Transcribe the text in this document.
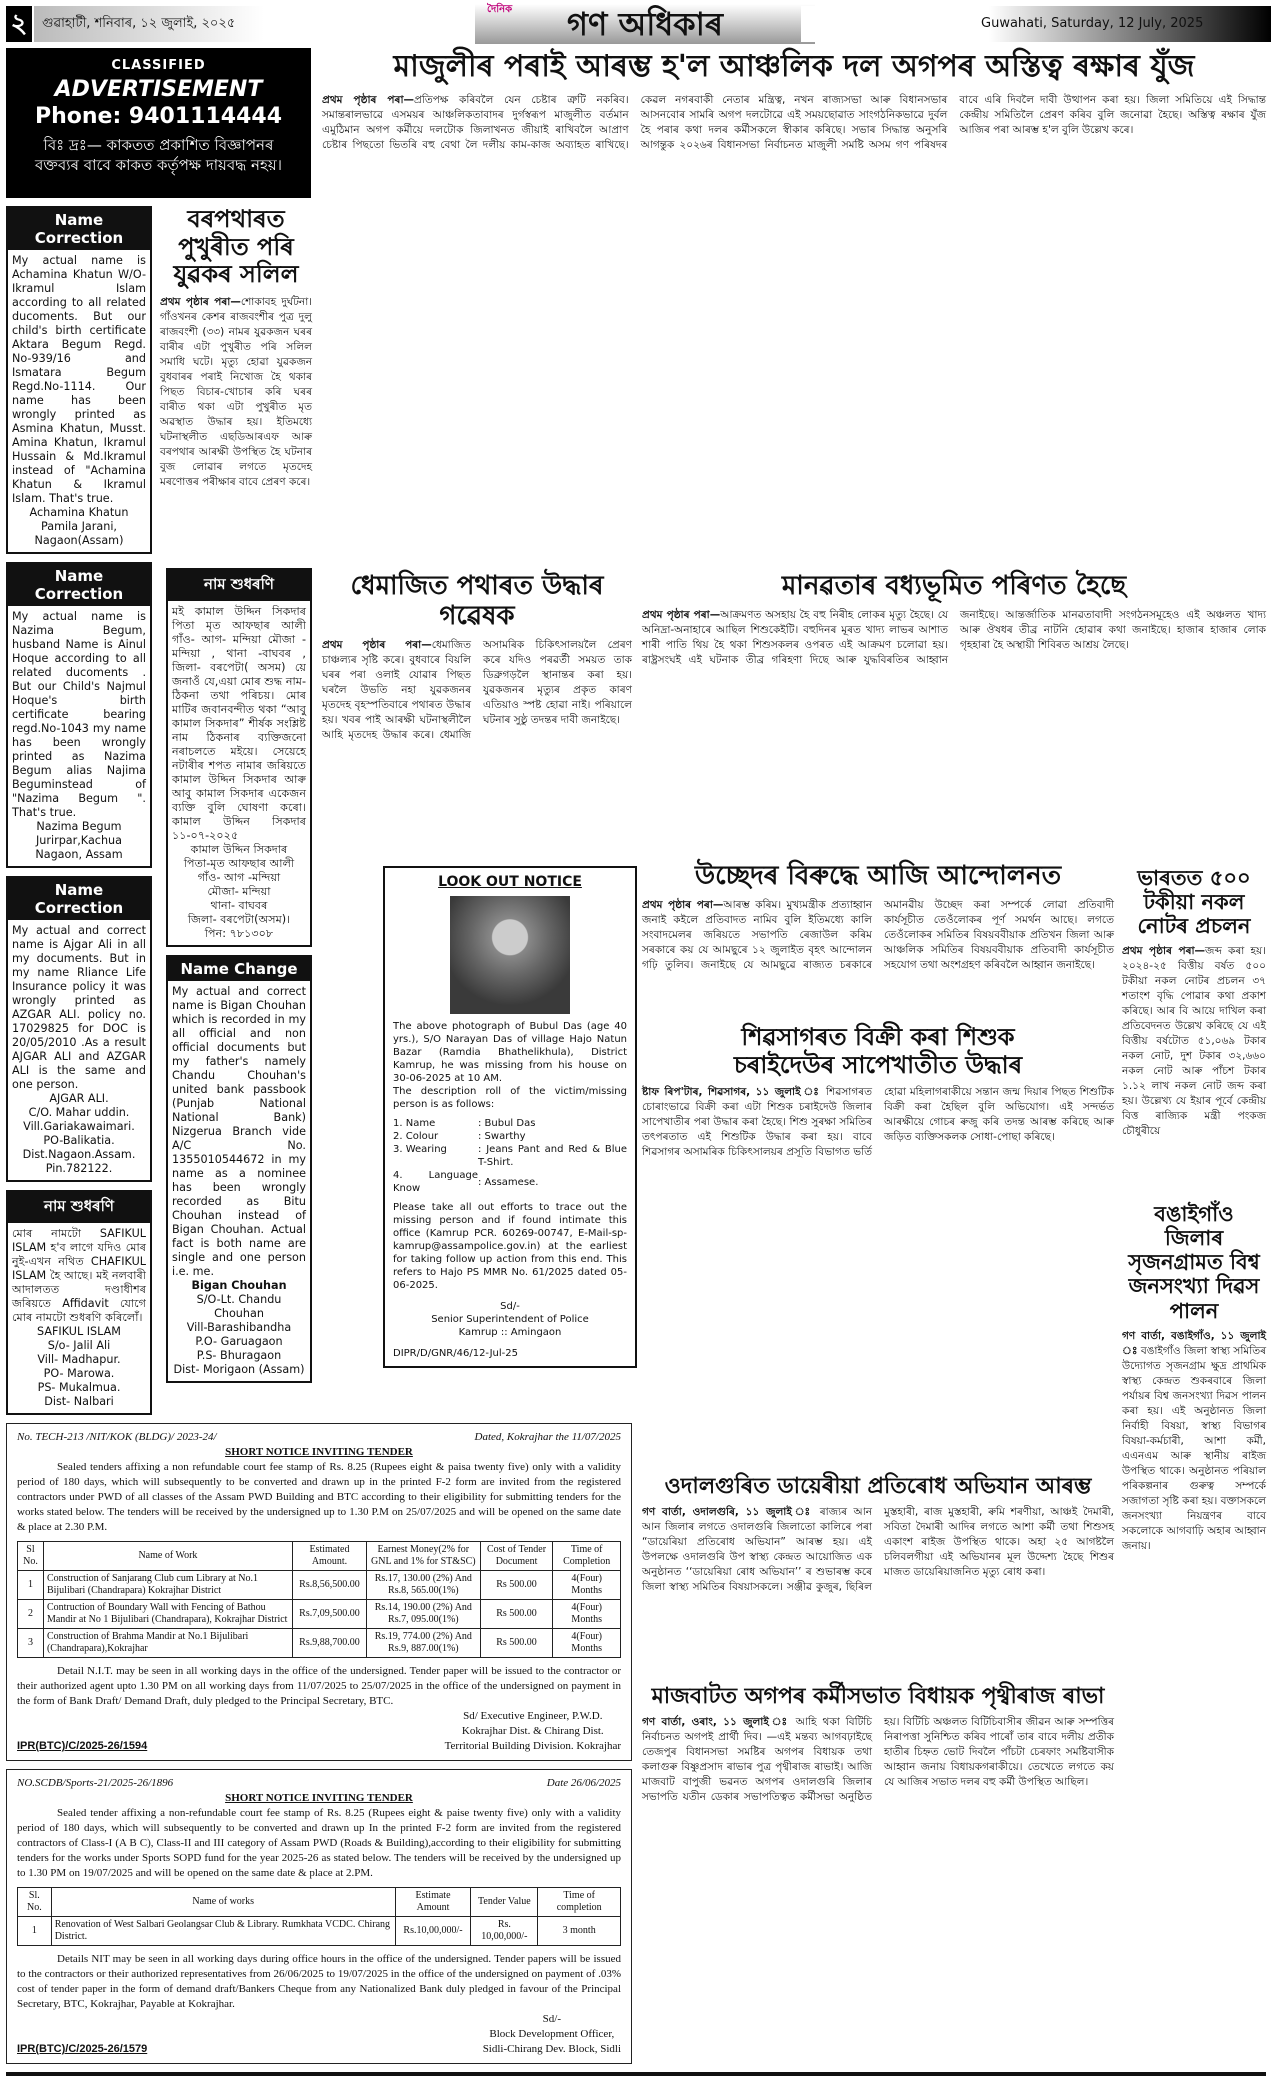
২	গুৱাহাটী, শনিবাৰ, ১২ জুলাই, ২০২৫
দৈনিক গণ অধিকাৰ	Guwahati, Saturday, 12 July, 2025
CLASSIFIED
ADVERTISEMENT
Phone: 9401114444
বিঃ দ্ৰঃ— কাকতত প্ৰকাশিত বিজ্ঞাপনৰ বক্তব্যৰ বাবে কাকত কৰ্তৃপক্ষ দায়বদ্ধ নহয়।
Name Correction
My actual name is Achamina Khatun W/O- Ikramul Islam according to all related ducoments. But our child's birth certificate Aktara Begum Regd. No-939/16 and Ismatara Begum Regd.No-1114. Our name has been wrongly printed as Asmina Khatun, Musst. Amina Khatun, Ikramul Hussain & Md.Ikramul instead of "Achamina Khatun & Ikramul Islam. That's true.
Achamina Khatun
Pamila Jarani,
Nagaon(Assam)
Name Correction
My actual name is Nazima Begum, husband Name is Ainul Hoque according to all related ducoments . But our Child's Najmul Hoque's birth certificate bearing regd.No-1043 my name has been wrongly printed as Nazima Begum alias Najima Beguminstead of "Nazima Begum ". That's true.
Nazima Begum
Jurirpar,Kachua
Nagaon, Assam
Name Correction
My actual and correct name is Ajgar Ali in all my documents. But in my name Rliance Life Insurance policy it was wrongly printed as AZGAR ALI. policy no. 17029825 for DOC is 20/05/2010 .As a result AJGAR ALI and AZGAR ALI is the same and one person.
AJGAR ALI.
C/O. Mahar uddin.
Vill.Gariakawaimari.
PO-Balikatia.
Dist.Nagaon.Assam.
Pin.782122.
নাম শুধৰণি
মোৰ নামটো SAFIKUL ISLAM হ'ব লাগে যদিও মোৰ নুই-এখন নথিত CHAFIKUL ISLAM হৈ আছে। মই নলবাৰী আদালতত দণ্ডাধীশৰ জৰিয়তে Affidavit যোগে মোৰ নামটো শুধৰণি কৰিলোঁ।
SAFIKUL ISLAM
S/o- Jalil Ali
Vill- Madhapur.
PO- Marowa.
PS- Mukalmua.
Dist- Nalbari
বৰপথাৰত পুখুৰীত পৰি যুৱকৰ সলিল
প্ৰথম পৃষ্ঠাৰ পৰা—শোকাবহ দুৰ্ঘটনা। গাঁওখনৰ কেশৰ ৰাজবংশীৰ পুত্ৰ দুলু ৰাজবংশী (৩৩) নামৰ যুৱকজন ঘৰৰ বাৰীৰ এটা পুখুৰীত পৰি সলিল সমাধি ঘটে। মৃত্যু হোৱা যুৱকজন বুধবাৰৰ পৰাই নিখোজ হৈ থকাৰ পিছত বিচাৰ-খোচাৰ কৰি ঘৰৰ বাৰীত থকা এটা পুখুৰীত মৃত অৱস্থাত উদ্ধাৰ হয়। ইতিমধ্যে ঘটনাস্থলীত এছডিআৰএফ আৰু বৰপথাৰ আৰক্ষী উপস্থিত হৈ ঘটনাৰ বুজ লোৱাৰ লগতে মৃতদেহ মৰণোত্তৰ পৰীক্ষাৰ বাবে প্ৰেৰণ কৰে।
নাম শুধৰণি
মই কামাল উদ্দিন সিকদাৰ পিতা মৃত আফছাৰ আলী গাঁও- আগ- মন্দিয়া মৌজা - মন্দিয়া , থানা -বাঘবৰ , জিলা- বৰপেটা( অসম) য়ে জনাওঁ যে,এয়া মোৰ শুদ্ধ নাম-ঠিকনা তথা পৰিচয়। মোৰ মাটিৰ জবানবন্দীত থকা “আবু কামাল সিকদাৰ” শীৰ্ষক সংশ্লিষ্ট নাম ঠিকনাৰ ব্যক্তিজনো নৰাচলতে মইয়ে। সেয়েহে নটাৰীৰ শপত নামাৰ জৰিয়তে কামাল উদ্দিন সিকদাৰ আৰু আবু কামাল সিকদাৰ একেজন ব্যক্তি বুলি ঘোষণা কৰো।কামাল উদ্দিন সিকদাৰ ১১-০৭-২০২৫
কামাল উদ্দিন সিকদাৰ
পিতা-মৃত আফছাৰ আলী
গাঁও- আগ -মন্দিয়া
মৌজা- মন্দিয়া
থানা- বাঘবৰ
জিলা- বৰপেটা(অসম)।
পিন: ৭৮১৩০৮
Name Change
My actual and correct name is Bigan Chouhan which is recorded in my all official and non official documents but my father's namely Chandu Chouhan's united bank passbook (Punjab National National Bank) Nizgerua Branch vide A/C No. 1355010544672 in my name as a nominee has been wrongly recorded as Bitu Chouhan instead of Bigan Chouhan. Actual fact is both name are single and one person i.e. me.
Bigan Chouhan
S/O-Lt. Chandu
Chouhan
Vill-Barashibandha
P.O- Garuagaon
P.S- Bhuragaon
Dist- Morigaon (Assam)
মাজুলীৰ পৰাই আৰম্ভ হ'ল আঞ্চলিক দল অগপৰ অস্তিত্ব ৰক্ষাৰ যুঁজ
প্ৰথম পৃষ্ঠাৰ পৰা—প্ৰতিপক্ষ কৰিবলৈ যেন চেষ্টাৰ ত্ৰুটি নকৰিব। সমান্তৰালভাৱে এসময়ৰ আঞ্চলিকতাবাদৰ দুৰ্গস্বৰূপ মাজুলীত বৰ্তমান এমুঠিমান অগপ কৰ্মীয়ে দলটোক জিলাখনত জীয়াই ৰাখিবলৈ আপ্ৰাণ চেষ্টাৰ পিছতো ভিতৰি বহু বেথা লৈ দলীয় কাম-কাজ অব্যাহত ৰাখিছে। কেৱল নগৰবাকী নেতাৰ মন্ত্ৰিত্ব, নখন ৰাজ্যসভা আৰু বিধানসভাৰ আসনবোৰ সামৰি অগপ দলটোৱে এই সময়ছোৱাত সাংগঠনিকভাৱে দুৰ্বল হৈ পৰাৰ কথা দলৰ কৰ্মীসকলে স্বীকাৰ কৰিছে। সভাৰ সিদ্ধান্ত অনুসৰি আগন্তুক ২০২৬ৰ বিধানসভা নিৰ্বাচনত মাজুলী সমষ্টি অসম গণ পৰিষদৰ বাবে এৰি দিবলৈ দাবী উত্থাপন কৰা হয়। জিলা সমিতিয়ে এই সিদ্ধান্ত কেন্দ্ৰীয় সমিতিলৈ প্ৰেৰণ কৰিব বুলি জনোৱা হৈছে। অস্তিত্ব ৰক্ষাৰ যুঁজ আজিৰ পৰা আৰম্ভ হ'ল বুলি উল্লেখ কৰে।
ধেমাজিত পথাৰত উদ্ধাৰ গৱেষক
প্ৰথম পৃষ্ঠাৰ পৰা—ধেমাজিত চাঞ্চল্যৰ সৃষ্টি কৰে। বুধবাৰে বিয়লি ঘৰৰ পৰা ওলাই যোৱাৰ পিছত ঘৰলৈ উভতি নহা যুৱকজনৰ মৃতদেহ বৃহস্পতিবাৰে পথাৰত উদ্ধাৰ হয়। খবৰ পাই আৰক্ষী ঘটনাস্থলীলৈ আহি মৃতদেহ উদ্ধাৰ কৰে। ধেমাজি অসামৰিক চিকিৎসালয়লৈ প্ৰেৰণ কৰে যদিও পৰৱৰ্তী সময়ত তাক ডিব্ৰুগড়লৈ স্থানান্তৰ কৰা হয়। যুৱকজনৰ মৃত্যুৰ প্ৰকৃত কাৰণ এতিয়াও স্পষ্ট হোৱা নাই। পৰিয়ালে ঘটনাৰ সুষ্ঠু তদন্তৰ দাবী জনাইছে।
মানৱতাৰ বধ্যভূমিত পৰিণত হৈছে
প্ৰথম পৃষ্ঠাৰ পৰা—আক্ৰমণত অসহায় হৈ বহু নিৰীহ লোকৰ মৃত্যু হৈছে। যে অনিদ্ৰা-অনাহাৰে আছিল শিশুকেইটি। বহুদিনৰ মূৰত খাদ্য লাভৰ আশাত শাৰী পাতি থিয় হৈ থকা শিশুসকলৰ ওপৰত এই আক্ৰমণ চলোৱা হয়। ৰাষ্ট্ৰসংঘই এই ঘটনাক তীব্ৰ গৰিহণা দিছে আৰু যুদ্ধবিৰতিৰ আহ্বান জনাইছে। আন্তৰ্জাতিক মানৱতাবাদী সংগঠনসমূহেও এই অঞ্চলত খাদ্য আৰু ঔষধৰ তীব্ৰ নাটনি হোৱাৰ কথা জনাইছে। হাজাৰ হাজাৰ লোক গৃহহাৰা হৈ অস্থায়ী শিবিৰত আশ্ৰয় লৈছে।
LOOK OUT NOTICE

The above photograph of Bubul Das (age 40 yrs.), S/O Narayan Das of village Hajo Natun Bazar (Ramdia Bhathelikhula), District Kamrup, he was missing from his house on 30-06-2025 at 10 AM.

The description roll of the victim/missing person is as follows:

1. Name	: Bubul Das
2. Colour	: Swarthy
3. Wearing	: Jeans Pant and Red & Blue T-Shirt.
4. Language Know	: Assamese.

Please take all out efforts to trace out the missing person and if found intimate this office (Kamrup PCR. 60269-00747, E-Mail-sp-kamrup@assampolice.gov.in) at the earliest for taking follow up action from this end. This refers to Hajo PS MMR No. 61/2025 dated 05-06-2025.

Sd/-
Senior Superintendent of Police
Kamrup :: Amingaon
DIPR/D/GNR/46/12-Jul-25
উচ্ছেদৰ বিৰুদ্ধে আজি আন্দোলনত
প্ৰথম পৃষ্ঠাৰ পৰা—আৰম্ভ কৰিম। মুখ্যমন্ত্ৰীক প্ৰত্যাহ্বান জনাই কইলে প্ৰতিবাদত নামিব বুলি ইতিমধ্যে কালি সংবাদমেলৰ জৰিয়তে সভাপতি ৰেজাউল কৰিম সৰকাৰে কয় যে আমছুৰে ১২ জুলাইত বৃহৎ আন্দোলন গঢ়ি তুলিব। জনাইছে যে আমছুৱে ৰাজ্যত চৰকাৰে অমানৱীয় উচ্ছেদ কৰা সম্পৰ্কে লোৱা প্ৰতিবাদী কাৰ্যসূচীত তেওঁলোকৰ পূৰ্ণ সমৰ্থন আছে। লগতে তেওঁলোকৰ সমিতিৰ বিষয়ববীয়াক প্ৰতিখন জিলা আৰু আঞ্চলিক সমিতিৰ বিষয়ববীয়াক প্ৰতিবাদী কাৰ্যসূচীত সহযোগ তথা অংশগ্ৰহণ কৰিবলৈ আহ্বান জনাইছে।
শিৱসাগৰত বিক্ৰী কৰা শিশুক চৰাইদেউৰ সাপেখাতীত উদ্ধাৰ
ষ্টাফ ৰিপ'টাৰ, শিৱসাগৰ, ১১ জুলাই ঃ শিৱসাগৰত চোৰাংভাৱে বিক্ৰী কৰা এটা শিশুক চৰাইদেউ জিলাৰ সাপেখাতীৰ পৰা উদ্ধাৰ কৰা হৈছে। শিশু সুৰক্ষা সমিতিৰ তৎপৰতাত এই শিশুটিক উদ্ধাৰ কৰা হয়। বাবে শিৱসাগৰ অসামৰিক চিকিৎসালয়ৰ প্ৰসূতি বিভাগত ভৰ্তি হোৱা মহিলাগৰাকীয়ে সন্তান জন্ম দিয়াৰ পিছত শিশুটিক বিক্ৰী কৰা হৈছিল বুলি অভিযোগ। এই সন্দৰ্ভত আৰক্ষীয়ে গোচৰ ৰুজু কৰি তদন্ত আৰম্ভ কৰিছে আৰু জড়িত ব্যক্তিসকলক সোধা-পোছা কৰিছে।
ভাৰতত ৫০০ টকীয়া নকল নোটৰ প্ৰচলন
প্ৰথম পৃষ্ঠাৰ পৰা—জব্দ কৰা হয়।২০২৪-২৫ বিত্তীয় বৰ্ষত ৫০০ টকীয়া নকল নোটৰ প্ৰচলন ৩৭ শতাংশ বৃদ্ধি পোৱাৰ কথা প্ৰকাশ কৰিছে। আৰ বি আয়ে দাখিল কৰা প্ৰতিবেদনত উল্লেখ কৰিছে যে এই বিত্তীয় বৰ্ষটোত ৫১,০৬৯ টকাৰ নকল নোট, দুশ টকাৰ ৩২,৬৬০ নকল নোট আৰু পাঁচশ টকাৰ ১.১২ লাখ নকল নোট জব্দ কৰা হয়। উল্লেখ্য যে ইয়াৰ পূৰ্বে কেন্দ্ৰীয় বিত্ত ৰাজ্যিক মন্ত্ৰী পংকজ চৌধুৰীয়ে
বঙাইগাঁও জিলাৰ সৃজনগ্ৰামত বিশ্ব জনসংখ্যা দিৱস পালন
গণ বাৰ্তা, বঙাইগাঁও, ১১ জুলাই ঃ বঙাইগাঁও জিলা স্বাস্থ্য সমিতিৰ উদ্যোগত সৃজনগ্ৰাম ক্ষুদ্ৰ প্ৰাথমিক স্বাস্থ্য কেন্দ্ৰত শুকৰবাৰে জিলা পৰ্যায়ৰ বিশ্ব জনসংখ্যা দিৱস পালন কৰা হয়। এই অনুষ্ঠানত জিলা নিৰ্বাহী বিষয়া, স্বাস্থ্য বিভাগৰ বিষয়া-কৰ্মচাৰী, আশা কৰ্মী, এএনএম আৰু স্থানীয় ৰাইজ উপস্থিত থাকে। অনুষ্ঠানত পৰিয়াল পৰিকল্পনাৰ গুৰুত্ব সম্পৰ্কে সজাগতা সৃষ্টি কৰা হয়। বক্তাসকলে জনসংখ্যা নিয়ন্ত্ৰণৰ বাবে সকলোকে আগবাঢ়ি অহাৰ আহ্বান জনায়।
No. TECH-213 /NIT/KOK (BLDG)/ 2023-24/	Dated, Kokrajhar the 11/07/2025
SHORT NOTICE INVITING TENDER
Sealed tenders affixing a non refundable court fee stamp of Rs. 8.25 (Rupees eight & paisa twenty five) only with a validity period of 180 days, which will subsequently to be converted and drawn up in the printed F-2 form are invited from the registered contractors under PWD of all classes of the Assam PWD Building and BTC according to their eligibility for submitting tenders for the works stated below. The tenders will be received by the undersigned up to 1.30 P.M on 25/07/2025 and will be opened on the same date & place at 2.30 P.M.
Sl No.	Name of Work	Estimated Amount.	Earnest Money(2% for GNL and 1% for ST&SC)	Cost of Tender Document	Time of Completion
1	Construction of Sanjarang Club cum Library at No.1 Bijulibari (Chandrapara) Kokrajhar District	Rs.8,56,500.00	Rs.17, 130.00 (2%) And Rs.8, 565.00(1%)	Rs 500.00	4(Four) Months
2	Contruction of Boundary Wall with Fencing of Bathou Mandir at No 1 Bijulibari (Chandrapara), Kokrajhar District	Rs.7,09,500.00	Rs.14, 190.00 (2%) And Rs.7, 095.00(1%)	Rs 500.00	4(Four) Months
3	Construction of Brahma Mandir at No.1 Bijulibari (Chandrapara),Kokrajhar	Rs.9,88,700.00	Rs.19, 774.00 (2%) And Rs.9, 887.00(1%)	Rs 500.00	4(Four) Months
Detail N.I.T. may be seen in all working days in the office of the undersigned. Tender paper will be issued to the contractor or their authorized agent upto 1.30 PM on all working days from 11/07/2025 to 25/07/2025 in the office of the undersigned on payment in the form of Bank Draft/ Demand Draft, duly pledged to the Principal Secretary, BTC.
IPR(BTC)/C/2025-26/1594
Sd/ Executive Engineer, P.W.D.
Kokrajhar Dist. & Chirang Dist.
Territorial Building Division. Kokrajhar
NO.SCDB/Sports-21/2025-26/1896	Date 26/06/2025
SHORT NOTICE INVITING TENDER
Sealed tender affixing a non-refundable court fee stamp of Rs. 8.25 (Rupees eight & paise twenty five) only with a validity period of 180 days, which will subsequently to be converted and drawn up In the printed F-2 form are invited from the registered contractors of Class-I (A B C), Class-II and III category of Assam PWD (Roads & Building),according to their eligibility for submitting tenders for the works under Sports SOPD fund for the year 2025-26 as stated below. The tenders will be received by the undersigned up to 1.30 PM on 19/07/2025 and will be opened on the same date & place at 2.PM.
Sl. No.	Name of works	Estimate Amount	Tender Value	Time of completion
1	Renovation of West Salbari Geolangsar Club & Library. Rumkhata VCDC. Chirang District.	Rs.10,00,000/-	Rs. 10,00,000/-	3 month
Details NIT may be seen in all working days during office hours in the office of the undersigned. Tender papers will be issued to the contractors or their authorized representatives from 26/06/2025 to 19/07/2025 in the office of the undersigned on payment of .03% cost of tender paper in the form of demand draft/Bankers Cheque from any Nationalized Bank duly pledged in favour of the Principal Secretary, BTC, Kokrajhar, Payable at Kokrajhar.
IPR(BTC)/C/2025-26/1579
Sd/-
Block Development Officer,
Sidli-Chirang Dev. Block, Sidli
ওদালগুৰিত ডায়েৰীয়া প্ৰতিৰোধ অভিযান আৰম্ভ
গণ বাৰ্তা, ওদালগুৰি, ১১ জুলাই ঃ ৰাজ্যৰ আন আন জিলাৰ লগতে ওদালগুৰি জিলাতো কালিৰে পৰা “ডায়েৰিয়া প্ৰতিৰোধ অভিযান” আৰম্ভ হয়। এই উপলক্ষে ওদালগুৰি উপ স্বাস্থ্য কেন্দ্ৰত আয়োজিত এক অনুষ্ঠানত ‘‘ডায়েৰিয়া ৰোধ অভিযান’’ ৰ শুভাৰম্ভ কৰে জিলা স্বাস্থ্য সমিতিৰ বিষয়াসকলে। সঞ্জীৱ কুজুৰ, ছিৰিল মুস্তহাৰী, ৰাজ মুস্তহাৰী, ৰুমি শৰণীয়া, আঞ্চই দৈমাৰী, সবিতা দৈমাৰী আদিৰ লগতে আশা কৰ্মী তথা শিশুসহ একাংশ ৰাইজ উপস্থিত থাকে। অহা ২৫ আগষ্টলৈ চলিবলগীয়া এই অভিযানৰ মূল উদ্দেশ্য হৈছে শিশুৰ মাজত ডায়েৰিয়াজনিত মৃত্যু ৰোধ কৰা।
মাজবাটত অগপৰ কৰ্মীসভাত বিধায়ক পৃথ্বীৰাজ ৰাভা
গণ বাৰ্তা, ওৰাং, ১১ জুলাই ঃ আহি থকা বিটিচি নিৰ্বাচনত অগপই প্ৰাৰ্থী দিব। —এই মন্তব্য আগবঢ়াইছে তেজপুৰ বিধানসভা সমষ্টিৰ অগপৰ বিধায়ক তথা কলাগুৰু বিষ্ণুপ্ৰসাদ ৰাভাৰ পুত্ৰ পৃথ্বীৰাজ ৰাভাই। আজি মাজবাট বাপুজী ভৱনত অগপৰ ওদালগুৰি জিলাৰ সভাপতি যতীন ডেকাৰ সভাপতিত্বত কৰ্মীসভা অনুষ্ঠিত হয়। বিটিচি অঞ্চলত বিটিচিবাসীৰ জীৱন আৰু সম্পত্তিৰ নিৰাপত্তা সুনিশ্চিত কৰিব পাৰোঁ তাৰ বাবে দলীয় প্ৰতীক হাতীৰ চিহ্নত ভোট দিবলৈ পাঁচটা চেৰফাং সমষ্টিবাসীক আহ্বান জনায় বিধায়কগৰাকীয়ে। তেখেতে লগতে কয় যে আজিৰ সভাত দলৰ বহু কৰ্মী উপস্থিত আছিল।
